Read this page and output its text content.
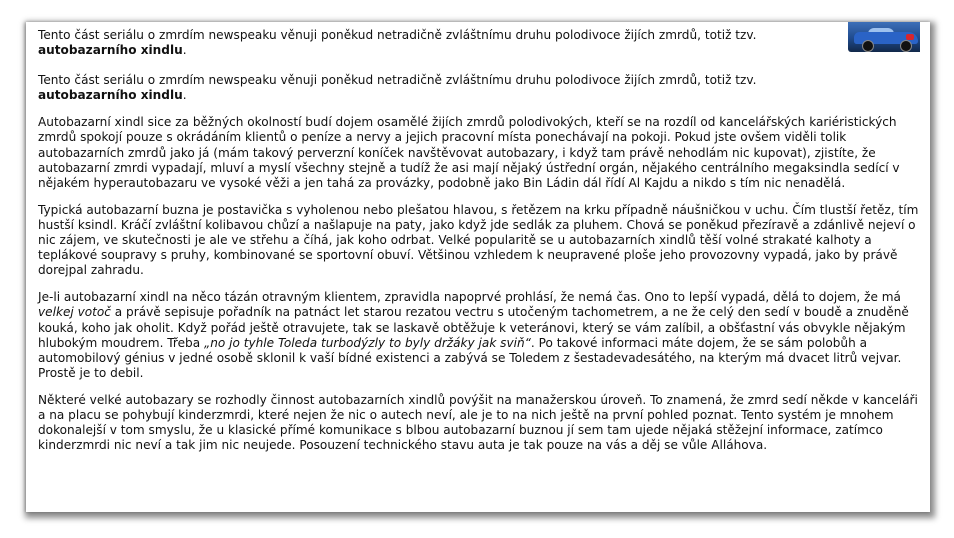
Tento část seriálu o zmrdím newspeaku věnuji poněkud netradičně zvláštnímu druhu polodivoce žijích zmrdů, totiž tzv.
autobazarního xindlu.

Tento část seriálu o zmrdím newspeaku věnuji poněkud netradičně zvláštnímu druhu polodivoce žijích zmrdů, totiž tzv.
autobazarního xindlu.

Autobazarní xindl sice za běžných okolností budí dojem osamělé žijích zmrdů polodivokých, kteří se na rozdíl od kancelářských kariéristických zmrdů spokojí pouze s okrádáním klientů o peníze a nervy a jejich pracovní místa ponechávají na pokoji. Pokud jste ovšem viděli tolik autobazarních zmrdů jako já (mám takový perverzní koníček navštěvovat autobazary, i když tam právě nehodlám nic kupovat), zjistíte, že autobazarní zmrdi vypadají, mluví a myslí všechny stejně a tudíž že asi mají nějaký ústřední orgán, nějakého centrálního megaksindla sedící v nějakém hyperautobazaru ve vysoké věži a jen tahá za provázky, podobně jako Bin Ládin dál řídí Al Kajdu a nikdo s tím nic nenadělá.

Typická autobazarní buzna je postavička s vyholenou nebo plešatou hlavou, s řetězem na krku případně náušničkou v uchu. Čím tlustší řetěz, tím hustší ksindl. Kráčí zvláštní kolibavou chůzí a našlapuje na paty, jako když jde sedlák za pluhem. Chová se poněkud přezíravě a zdánlivě nejeví o nic zájem, ve skutečnosti je ale ve střehu a číhá, jak koho odrbat. Velké popularitě se u autobazarních xindlů těší volné strakaté kalhoty a teplákové soupravy s pruhy, kombinované se sportovní obuví. Většinou vzhledem k neupravené ploše jeho provozovny vypadá, jako by právě dorejpal zahradu.

Je-li autobazarní xindl na něco tázán otravným klientem, zpravidla napoprvé prohlásí, že nemá čas. Ono to lepší vypadá, dělá to dojem, že má velkej votoč a právě sepisuje pořadník na patnáct let starou rezatou vectru s utočeným tachometrem, a ne že celý den sedí v boudě a znuděně kouká, koho jak oholit. Když pořád ještě otravujete, tak se laskavě obtěžuje k veteránovi, který se vám zalíbil, a obšťastní vás obvykle nějakým hlubokým moudrem. Třeba „no jo tyhle Toleda turbodýzly to byly držáky jak sviň“. Po takové informaci máte dojem, že se sám polobůh a automobilový génius v jedné osobě sklonil k vaší bídné existenci a zabývá se Toledem z šestadevadesátého, na kterým má dvacet litrů vejvar. Prostě je to debil.

Některé velké autobazary se rozhodly činnost autobazarních xindlů povýšit na manažerskou úroveň. To znamená, že zmrd sedí někde v kanceláři a na placu se pohybují kinderzmrdi, které nejen že nic o autech neví, ale je to na nich ještě na první pohled poznat. Tento systém je mnohem dokonalejší v tom smyslu, že u klasické přímé komunikace s blbou autobazarní buznou jí sem tam ujede nějaká stěžejní informace, zatímco kinderzmrdi nic neví a tak jim nic neujede. Posouzení technického stavu auta je tak pouze na vás a děj se vůle Alláhova.
